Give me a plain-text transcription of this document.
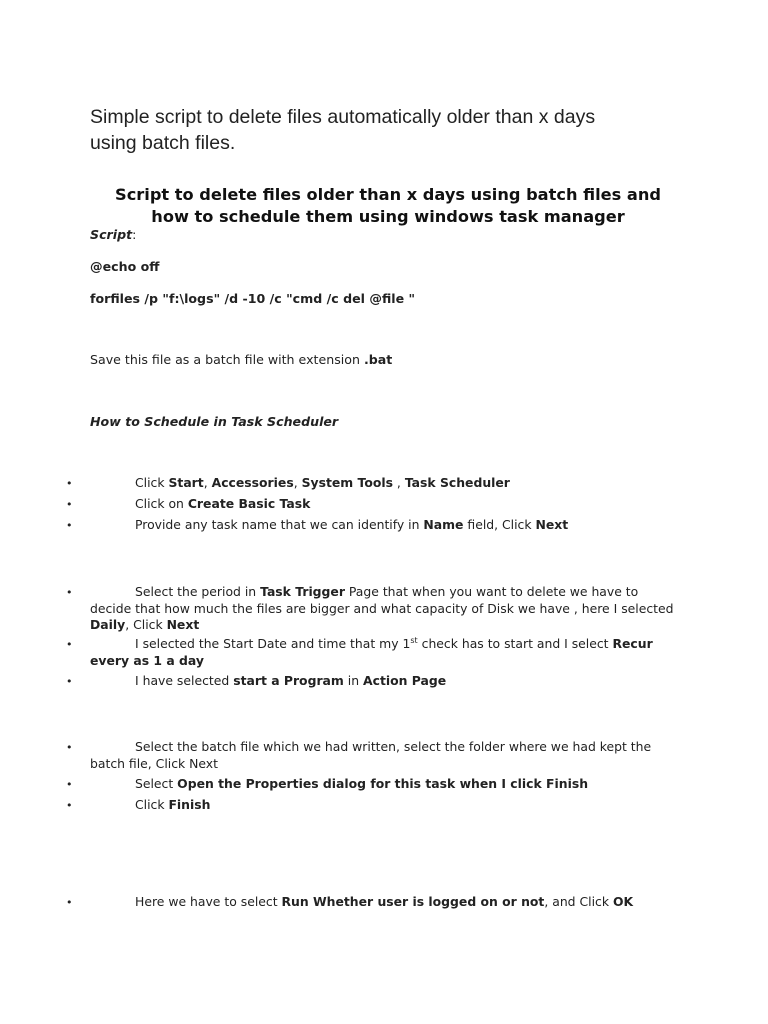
Simple script to delete files automatically older than x days
using batch files.
Script to delete files older than x days using batch files and
how to schedule them using windows task manager
Script:
@echo off
forfiles /p "f:\logs" /d -10 /c "cmd /c del @file "
Save this file as a batch file with extension .bat
How to Schedule in Task Scheduler
•	Click Start, Accessories, System Tools , Task Scheduler
•	Click on Create Basic Task
•	Provide any task name that we can identify in Name field, Click Next
•	Select the period in Task Trigger Page that when you want to delete we have to decide that how much the files are bigger and what capacity of Disk we have , here I selected Daily, Click Next
•	I selected the Start Date and time that my 1st check has to start and I select Recur every as 1 a day
•	I have selected start a Program in Action Page
•	Select the batch file which we had written, select the folder where we had kept the batch file, Click Next
•	Select Open the Properties dialog for this task when I click Finish
•	Click Finish
•	Here we have to select Run Whether user is logged on or not, and Click OK
